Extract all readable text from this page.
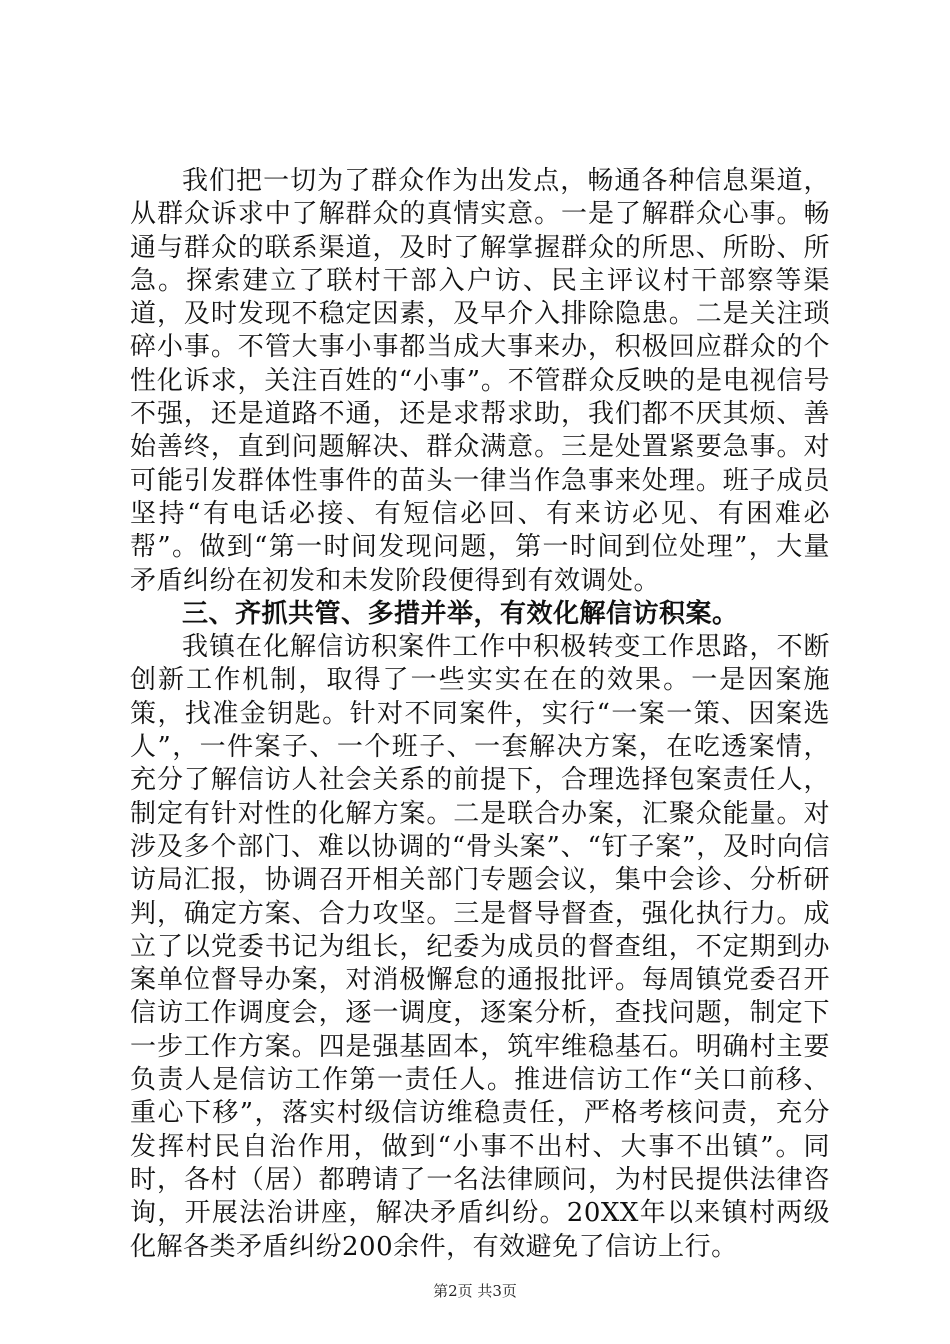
我们把一切为了群众作为出发点，畅通各种信息渠道，从群众诉求中了解群众的真情实意。一是了解群众心事。畅通与群众的联系渠道，及时了解掌握群众的所思、所盼、所急。探索建立了联村干部入户访、民主评议村干部察等渠道，及时发现不稳定因素，及早介入排除隐患。二是关注琐碎小事。不管大事小事都当成大事来办，积极回应群众的个性化诉求，关注百姓的“小事”。不管群众反映的是电视信号不强，还是道路不通，还是求帮求助，我们都不厌其烦、善始善终，直到问题解决、群众满意。三是处置紧要急事。对可能引发群体性事件的苗头一律当作急事来处理。班子成员坚持“有电话必接、有短信必回、有来访必见、有困难必帮”。做到“第一时间发现问题，第一时间到位处理”，大量矛盾纠纷在初发和未发阶段便得到有效调处。

三、齐抓共管、多措并举，有效化解信访积案。

我镇在化解信访积案件工作中积极转变工作思路，不断创新工作机制，取得了一些实实在在的效果。一是因案施策，找准金钥匙。针对不同案件，实行“一案一策、因案选人”，一件案子、一个班子、一套解决方案，在吃透案情，充分了解信访人社会关系的前提下，合理选择包案责任人，制定有针对性的化解方案。二是联合办案，汇聚众能量。对涉及多个部门、难以协调的“骨头案”、“钉子案”，及时向信访局汇报，协调召开相关部门专题会议，集中会诊、分析研判，确定方案、合力攻坚。三是督导督查，强化执行力。成立了以党委书记为组长，纪委为成员的督查组，不定期到办案单位督导办案，对消极懈怠的通报批评。每周镇党委召开信访工作调度会，逐一调度，逐案分析，查找问题，制定下一步工作方案。四是强基固本，筑牢维稳基石。明确村主要负责人是信访工作第一责任人。推进信访工作“关口前移、重心下移”，落实村级信访维稳责任，严格考核问责，充分发挥村民自治作用，做到“小事不出村、大事不出镇”。同时，各村（居）都聘请了一名法律顾问，为村民提供法律咨询，开展法治讲座，解决矛盾纠纷。20XX年以来镇村两级化解各类矛盾纠纷200余件，有效避免了信访上行。

第2页 共3页
